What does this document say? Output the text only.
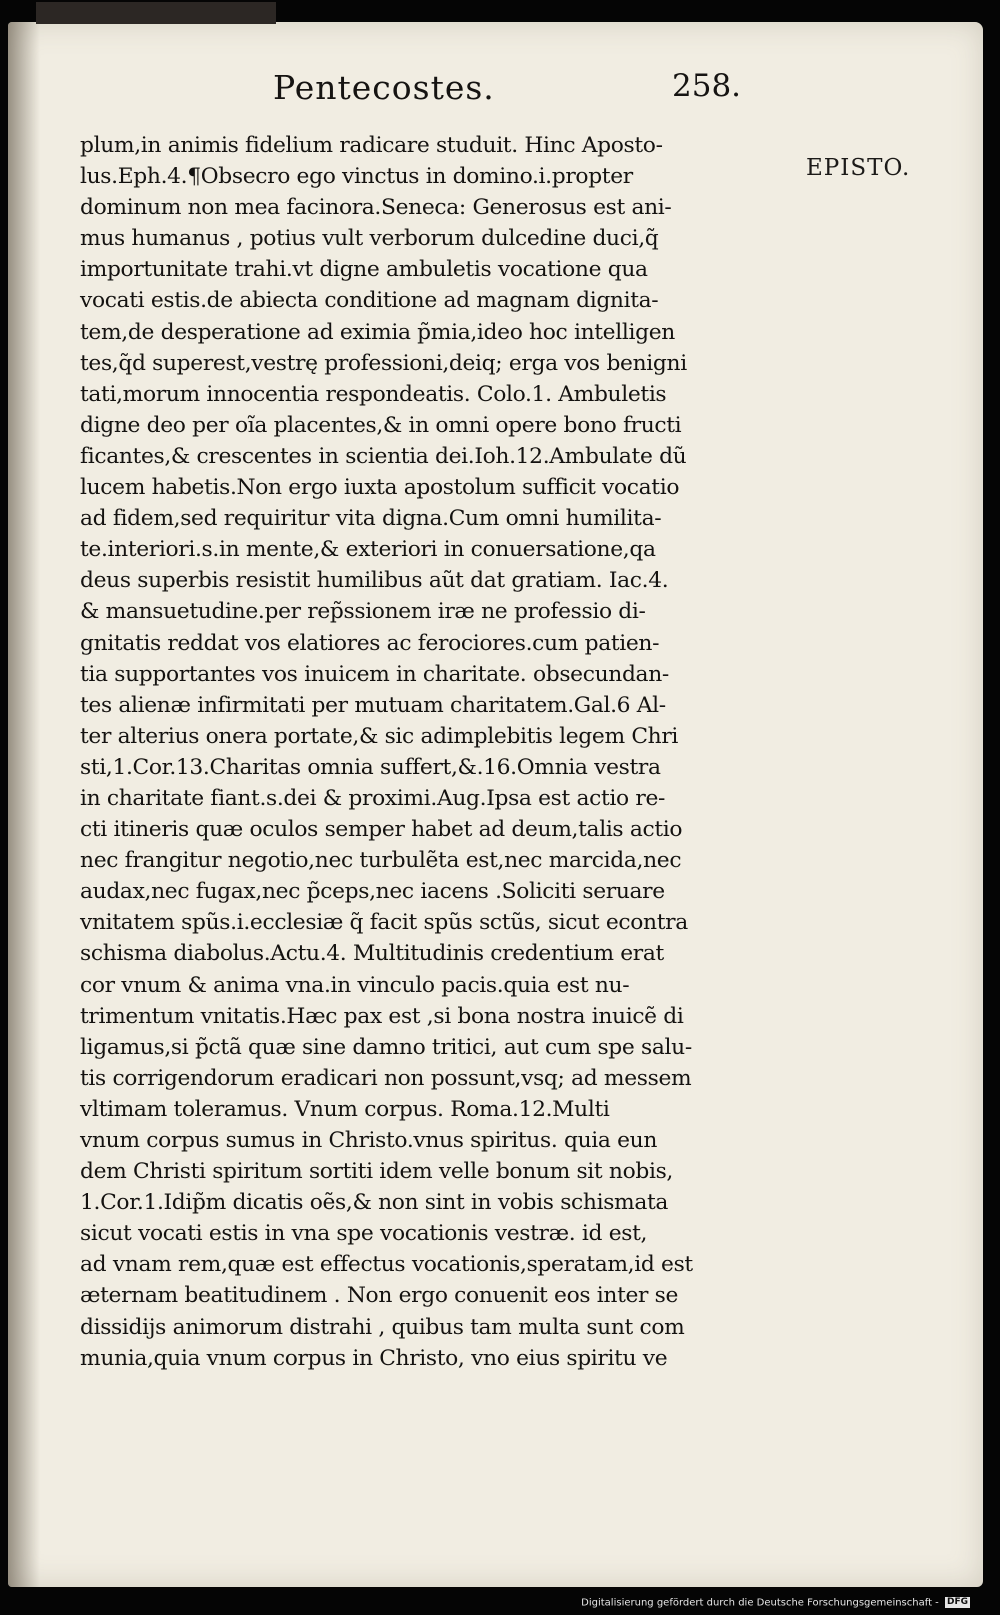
Pentecostes.	258.
EPISTO.
plum,in animis fidelium radicare studuit. Hinc Aposto-
lus.Eph.4.¶Obsecro ego vinctus in domino.i.propter
dominum non mea facinora.Seneca: Generosus est ani-
mus humanus , potius vult verborum dulcedine duci,q̃
importunitate trahi.vt digne ambuletis vocatione qua
vocati estis.de abiecta conditione ad magnam dignita-
tem,de desperatione ad eximia p̃mia,ideo hoc intelligen
tes,q̃d superest,vestrę professioni,deiq; erga vos benigni
tati,morum innocentia respondeatis. Colo.1. Ambuletis
digne deo per oĩa placentes,& in omni opere bono fructi
ficantes,& crescentes in scientia dei.Ioh.12.Ambulate dũ
lucem habetis.Non ergo iuxta apostolum sufficit vocatio
ad fidem,sed requiritur vita digna.Cum omni humilita-
te.interiori.s.in mente,& exteriori in conuersatione,qa
deus superbis resistit humilibus aũt dat gratiam. Iac.4.
& mansuetudine.per rep̃ssionem iræ ne professio di-
gnitatis reddat vos elatiores ac ferociores.cum patien-
tia supportantes vos inuicem in charitate. obsecundan-
tes alienæ infirmitati per mutuam charitatem.Gal.6 Al-
ter alterius onera portate,& sic adimplebitis legem Chri
sti,1.Cor.13.Charitas omnia suffert,&.16.Omnia vestra
in charitate fiant.s.dei & proximi.Aug.Ipsa est actio re-
cti itineris quæ oculos semper habet ad deum,talis actio
nec frangitur negotio,nec turbulẽta est,nec marcida,nec
audax,nec fugax,nec p̃ceps,nec iacens .Soliciti seruare
vnitatem spũs.i.ecclesiæ q̃ facit spũs sctũs, sicut econtra
schisma diabolus.Actu.4. Multitudinis credentium erat
cor vnum & anima vna.in vinculo pacis.quia est nu-
trimentum vnitatis.Hæc pax est ,si bona nostra inuicẽ di
ligamus,si p̃ctã quæ sine damno tritici, aut cum spe salu-
tis corrigendorum eradicari non possunt,vsq; ad messem
vltimam toleramus. Vnum corpus. Roma.12.Multi
vnum corpus sumus in Christo.vnus spiritus. quia eun
dem Christi spiritum sortiti idem velle bonum sit nobis,
1.Cor.1.Idip̃m dicatis oẽs,& non sint in vobis schismata
sicut vocati estis in vna spe vocationis vestræ. id est,
ad vnam rem,quæ est effectus vocationis,speratam,id est
æternam beatitudinem . Non ergo conuenit eos inter se
dissidijs animorum distrahi , quibus tam multa sunt com
munia,quia vnum corpus in Christo, vno eius spiritu ve
Digitalisierung gefördert durch die Deutsche Forschungsgemeinschaft - DFG
